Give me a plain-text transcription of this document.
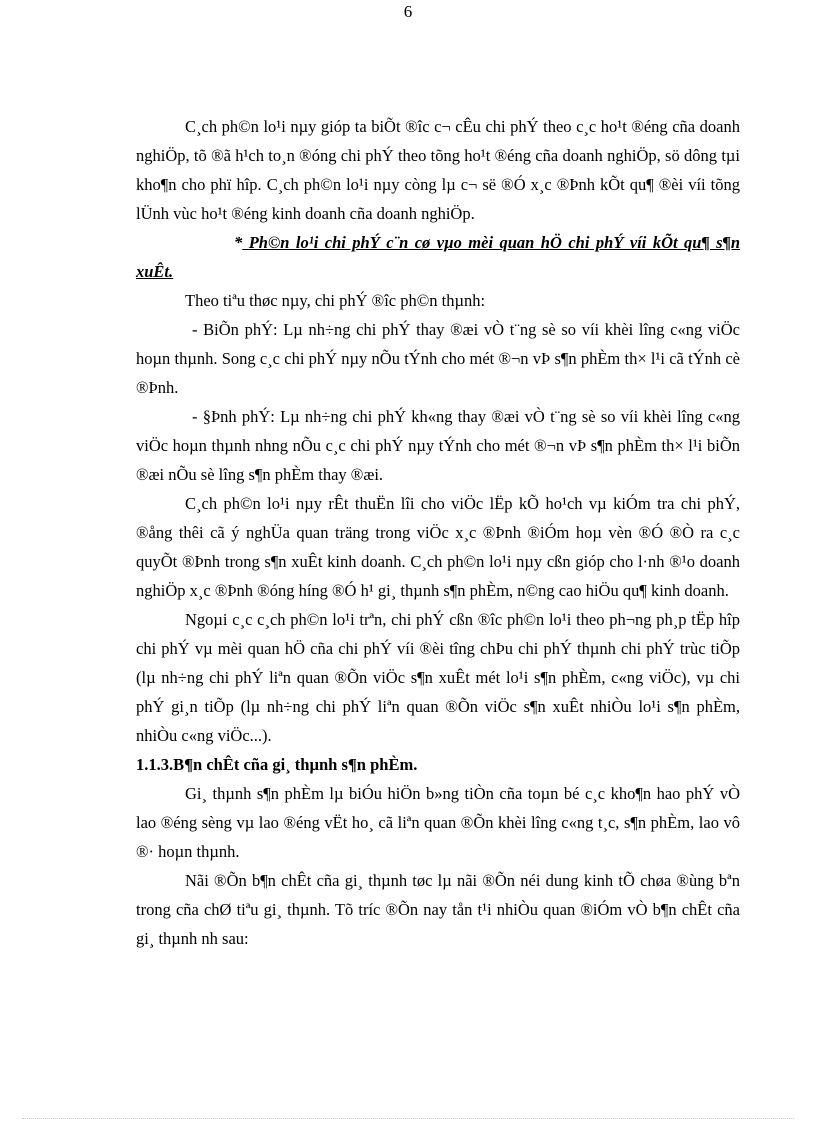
6

C¸ch ph©n lo¹i nµy gióp ta biÕt ®îc c¬ cÊu chi phÝ theo c¸c ho¹t ®éng cña doanh nghiÖp, tõ ®ã h¹ch to¸n ®óng chi phÝ theo tõng ho¹t ®éng cña doanh nghiÖp, sö dông tµi kho¶n cho phï hîp. C¸ch ph©n lo¹i nµy còng lµ c¬ së ®Ó x¸c ®Þnh kÕt qu¶ ®èi víi tõng lÜnh vùc ho¹t ®éng kinh doanh cña doanh nghiÖp.

* Ph©n lo¹i chi phÝ c¨n cø vµo mèi quan hÖ chi phÝ víi kÕt qu¶ s¶n xuÊt.

Theo tiªu thøc nµy, chi phÝ ®îc ph©n thµnh:

- BiÕn phÝ: Lµ nh÷ng chi phÝ thay ®æi vÒ t¨ng sè so víi khèi lîng c«ng viÖc hoµn thµnh. Song c¸c chi phÝ nµy nÕu tÝnh cho mét ®¬n vÞ s¶n phÈm th× l¹i cã tÝnh cè ®Þnh.

- §Þnh phÝ: Lµ nh÷ng chi phÝ kh«ng thay ®æi vÒ t¨ng sè so víi khèi lîng c«ng viÖc hoµn thµnh nhng nÕu c¸c chi phÝ nµy tÝnh cho mét ®¬n vÞ s¶n phÈm th× l¹i biÕn ®æi nÕu sè lîng s¶n phÈm thay ®æi.

C¸ch ph©n lo¹i nµy rÊt thuËn lîi cho viÖc lËp kÕ ho¹ch vµ kiÓm tra chi phÝ, ®ång thêi cã ý nghÜa quan träng trong viÖc x¸c ®Þnh ®iÓm hoµ vèn ®Ó ®Ò ra c¸c quyÕt ®Þnh trong s¶n xuÊt kinh doanh. C¸ch ph©n lo¹i nµy cßn gióp cho l·nh ®¹o doanh nghiÖp x¸c ®Þnh ®óng híng ®Ó h¹ gi¸ thµnh s¶n phÈm, n©ng cao hiÖu qu¶ kinh doanh.

Ngoµi c¸c c¸ch ph©n lo¹i trªn, chi phÝ cßn ®îc ph©n lo¹i theo ph¬ng ph¸p tËp hîp chi phÝ vµ mèi quan hÖ cña chi phÝ víi ®èi tîng chÞu chi phÝ thµnh chi phÝ trùc tiÕp (lµ nh÷ng chi phÝ liªn quan ®Õn viÖc s¶n xuÊt mét lo¹i s¶n phÈm, c«ng viÖc), vµ chi phÝ gi¸n tiÕp (lµ nh÷ng chi phÝ liªn quan ®Õn viÖc s¶n xuÊt nhiÒu lo¹i s¶n phÈm, nhiÒu c«ng viÖc...).

1.1.3.B¶n chÊt cña gi¸ thµnh s¶n phÈm.

Gi¸ thµnh s¶n phÈm lµ biÓu hiÖn b»ng tiÒn cña toµn bé c¸c kho¶n hao phÝ vÒ lao ®éng sèng vµ lao ®éng vËt ho¸ cã liªn quan ®Õn khèi lîng c«ng t¸c, s¶n phÈm, lao vô ®· hoµn thµnh.

Nãi ®Õn b¶n chÊt cña gi¸ thµnh tøc lµ nãi ®Õn néi dung kinh tÕ chøa ®ùng bªn trong cña chØ tiªu gi¸ thµnh. Tõ tríc ®Õn nay tån t¹i nhiÒu quan ®iÓm vÒ b¶n chÊt cña gi¸ thµnh nh sau:
